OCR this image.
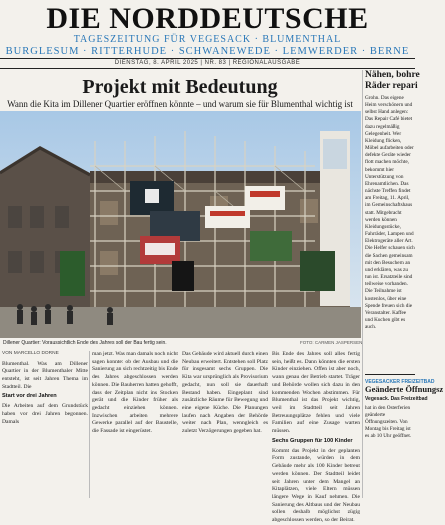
DIE NORDDEUTSCHE
TAGESZEITUNG FÜR VEGESACK · BLUMENTHAL
BURGLESUM · RITTERHUDE · SCHWANEWEDE · LEMWERDER · BERNE
DIENSTAG, 8. APRIL 2025 | NR. 83 | REGIONALAUSGABE
Projekt mit Bedeutung
Wann die Kita im Dillener Quartier eröffnen könnte – und warum sie für Blumenthal wichtig ist
Dillener Quartier: Voraussichtlich Ende des Jahres soll der Bau fertig sein.	FOTO: CARMEN JASPERSEN
VON MARCELLO DORNE

Blumenthal. Was am Dillener Quartier in der Blumenthaler Mitte entsteht, ist seit Jahren Thema im Stadtteil. Die

Start vor drei Jahren

Die Arbeiten auf dem Grundstück haben vor drei Jahren begonnen. Damals

man jetzt. Was man damals noch nicht sagen konnte: ob der Ausbau und die Sanierung an sich rechtzeitig bis Ende des Jahres abgeschlossen werden können. Die Bauherren hatten gehofft, dass der Zeitplan nicht ins Stocken gerät und die Kinder früher als gedacht einziehen können. Inzwischen arbeiten mehrere Gewerke parallel auf der Baustelle, die Fassade ist eingerüstet.

Das Gebäude wird aktuell durch einen Neubau erweitert. Entstehen soll Platz für insgesamt sechs Gruppen. Die Kita war ursprünglich als Provisorium gedacht, nun soll sie dauerhaft Bestand haben. Eingeplant sind zusätzliche Räume für Bewegung und eine eigene Küche. Die Planungen laufen nach Angaben der Behörde weiter nach Plan, wenngleich es zuletzt Verzögerungen gegeben hat.

Bis Ende des Jahres soll alles fertig sein, heißt es. Dann könnten die ersten Kinder einziehen. Offen ist aber noch, wann genau der Betrieb startet. Träger und Behörde wollen sich dazu in den kommenden Wochen abstimmen. Für Blumenthal ist das Projekt wichtig, weil im Stadtteil seit Jahren Betreuungsplätze fehlen und viele Familien auf eine Zusage warten müssen.

Sechs Gruppen für 100 Kinder

Kommt das Projekt in der geplanten Form zustande, würden in dem Gebäude mehr als 100 Kinder betreut werden können. Der Stadtteil leidet seit Jahren unter dem Mangel an Kitaplätzen, viele Eltern müssen längere Wege in Kauf nehmen. Die Sanierung des Altbaus und der Neubau sollen deshalb möglichst zügig abgeschlossen werden, so der Beirat.

Nähen, bohre Räder repari
Grohn. Das eigene Heim verschönern und selbst Hand anlegen: Das Repair Café bietet dazu regelmäßig Gelegenheit. Wer Kleidung flicken, Möbel aufarbeiten oder defekte Geräte wieder flott machen möchte, bekommt hier Unterstützung von Ehrenamtlichen. Das nächste Treffen findet am Freitag, 11. April, im Gemeinschaftshaus statt. Mitgebracht werden können Kleidungsstücke, Fahrräder, Lampen und Elektrogeräte aller Art. Die Helfer schauen sich die Sachen gemeinsam mit den Besuchern an und erklären, was zu tun ist. Ersatzteile sind teilweise vorhanden. Die Teilnahme ist kostenlos, über eine Spende freuen sich die Veranstalter. Kaffee und Kuchen gibt es auch.
VEGESACKER FREIZEITBAD
Geänderte Öffnungsz
Vegesack. Das Freizeitbad
hat in den Osterferien geänderte Öffnungszeiten. Von Montag bis Freitag ist es ab 10 Uhr geöffnet.
